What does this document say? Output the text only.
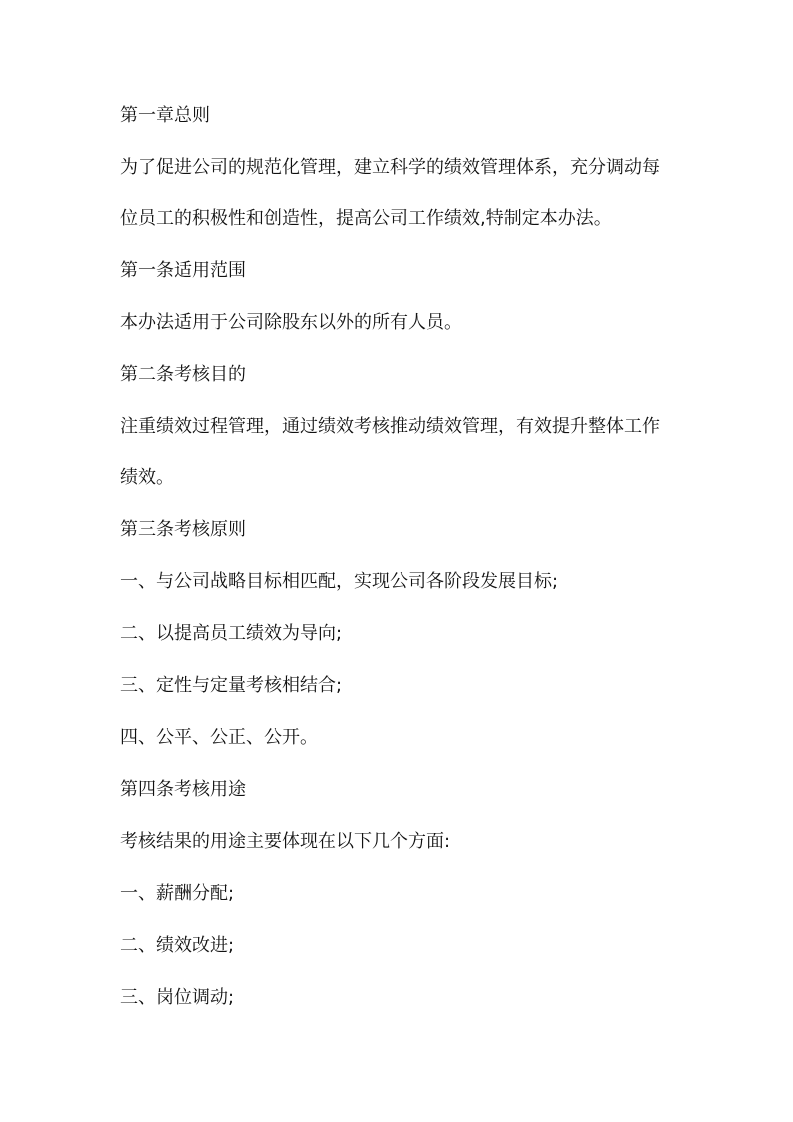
第一章总则

为了促进公司的规范化管理，建立科学的绩效管理体系，充分调动每
位员工的积极性和创造性，提高公司工作绩效,特制定本办法。

第一条适用范围

本办法适用于公司除股东以外的所有人员。

第二条考核目的

注重绩效过程管理，通过绩效考核推动绩效管理，有效提升整体工作
绩效。

第三条考核原则

一、与公司战略目标相匹配，实现公司各阶段发展目标;

二、以提高员工绩效为导向;

三、定性与定量考核相结合;

四、公平、公正、公开。

第四条考核用途

考核结果的用途主要体现在以下几个方面:

一、薪酬分配;

二、绩效改进;

三、岗位调动;
